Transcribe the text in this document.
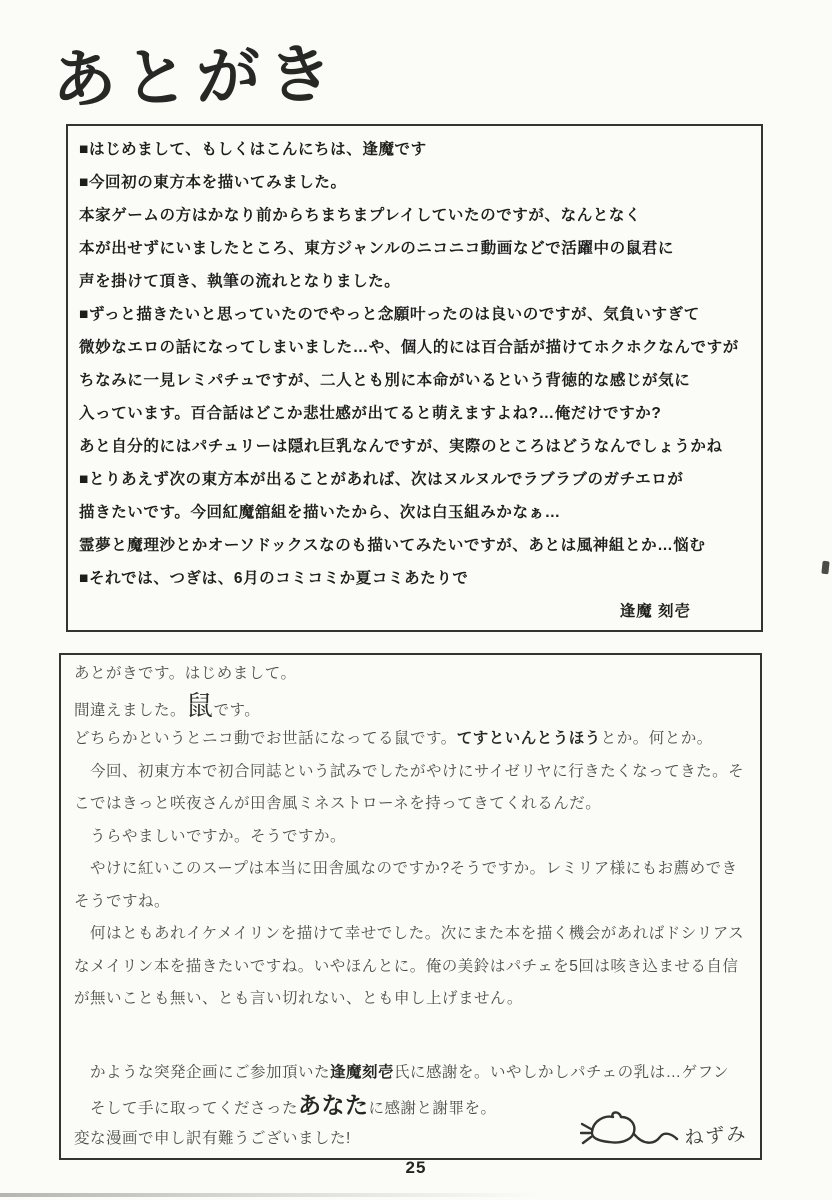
あとがき

■はじめまして、もしくはこんにちは、逢魔です

■今回初の東方本を描いてみました。

本家ゲームの方はかなり前からちまちまプレイしていたのですが、なんとなく

本が出せずにいましたところ、東方ジャンルのニコニコ動画などで活躍中の鼠君に

声を掛けて頂き、執筆の流れとなりました。

■ずっと描きたいと思っていたのでやっと念願叶ったのは良いのですが、気負いすぎて

微妙なエロの話になってしまいました…や、個人的には百合話が描けてホクホクなんですが

ちなみに一見レミパチュですが、二人とも別に本命がいるという背徳的な感じが気に

入っています。百合話はどこか悲壮感が出てると萌えますよね?…俺だけですか?

あと自分的にはパチュリーは隠れ巨乳なんですが、実際のところはどうなんでしょうかね

■とりあえず次の東方本が出ることがあれば、次はヌルヌルでラブラブのガチエロが

描きたいです。今回紅魔舘組を描いたから、次は白玉組みかなぁ…

霊夢と魔理沙とかオーソドックスなのも描いてみたいですが、あとは風神組とか…悩む

■それでは、つぎは、6月のコミコミか夏コミあたりで

逢魔 刻壱

あとがきです。はじめまして。

間違えました。鼠です。

どちらかというとニコ動でお世話になってる鼠です。てすといんとうほうとか。何とか。

　今回、初東方本で初合同誌という試みでしたがやけにサイゼリヤに行きたくなってきた。そ

こではきっと咲夜さんが田舎風ミネストローネを持ってきてくれるんだ。

　うらやましいですか。そうですか。

　やけに紅いこのスープは本当に田舎風なのですか?そうですか。レミリア様にもお薦めでき

そうですね。

　何はともあれイケメイリンを描けて幸せでした。次にまた本を描く機会があればドシリアス

なメイリン本を描きたいですね。いやほんとに。俺の美鈴はパチェを5回は咳き込ませる自信

が無いことも無い、とも言い切れない、とも申し上げません。

　かような突発企画にご参加頂いた逢魔刻壱氏に感謝を。いやしかしパチェの乳は…ゲフン

　そして手に取ってくださったあなたに感謝と謝罪を。

変な漫画で申し訳有難うございました!	ねずみ

25
